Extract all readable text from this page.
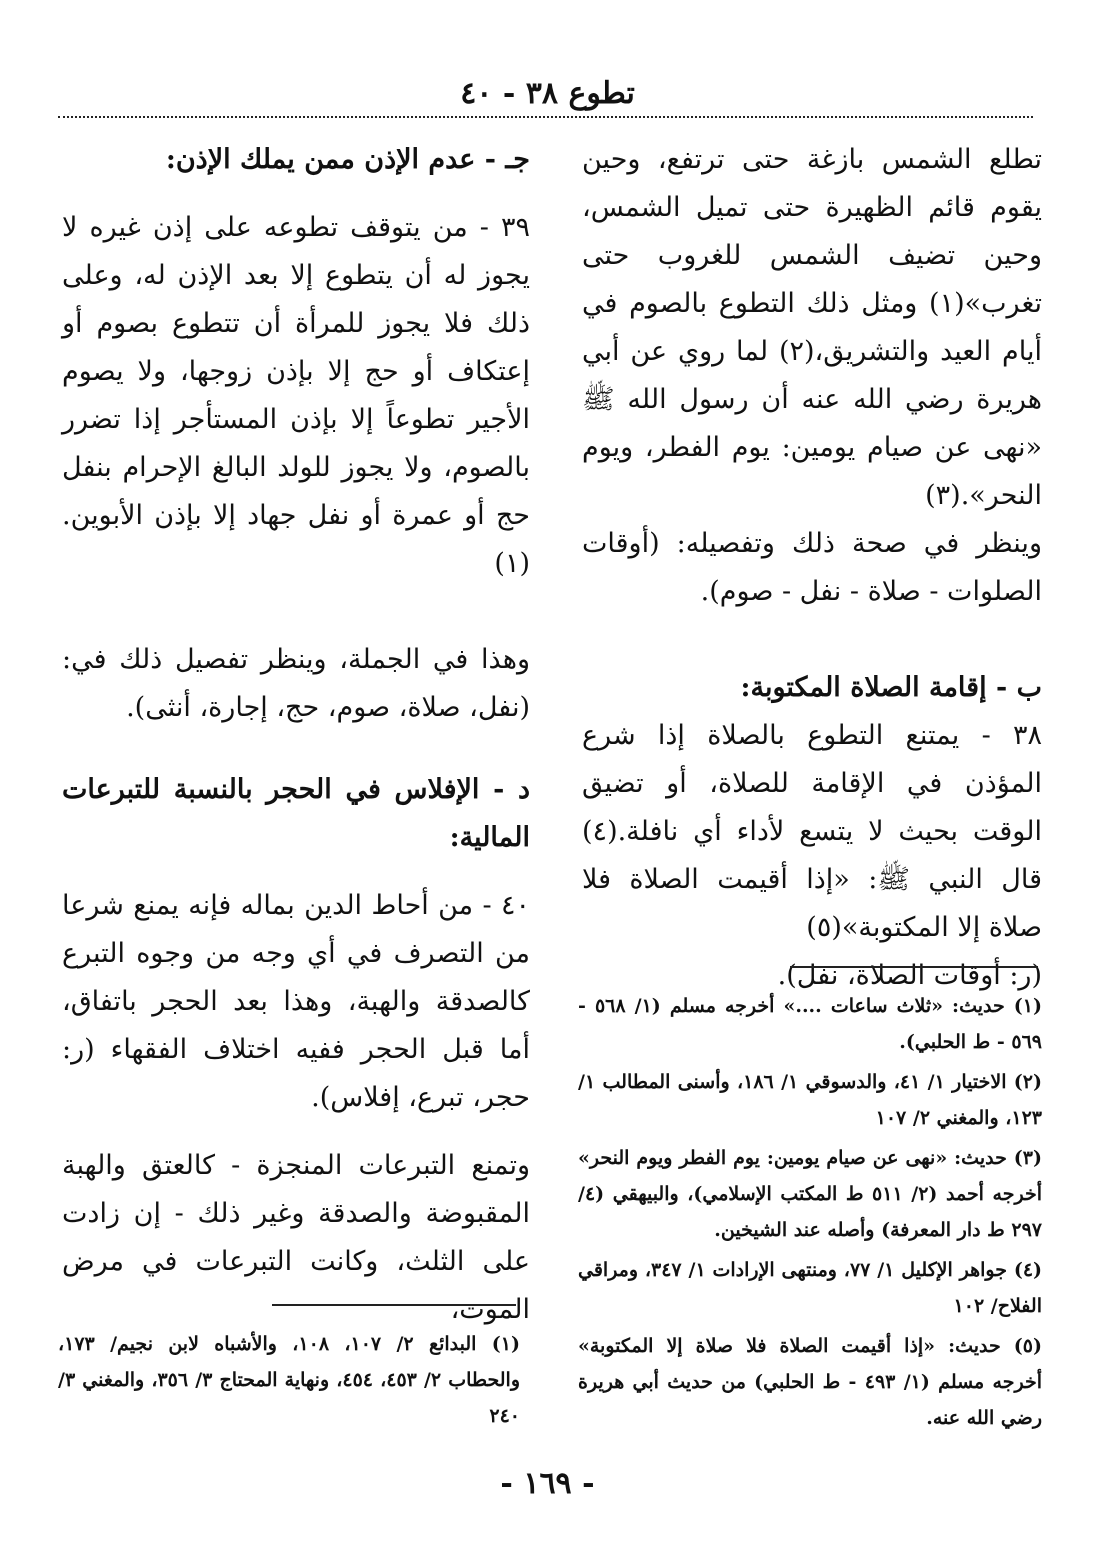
تطوع ٣٨ - ٤٠

تطلع الشمس بازغة حتى ترتفع، وحين يقوم قائم الظهيرة حتى تميل الشمس، وحين تضيف الشمس للغروب حتى تغرب»(١) ومثل ذلك التطوع بالصوم في أيام العيد والتشريق،(٢) لما روي عن أبي هريرة رضي الله عنه أن رسول الله ﷺ «نهى عن صيام يومين: يوم الفطر، ويوم النحر».(٣)

وينظر في صحة ذلك وتفصيله: (أوقات الصلوات - صلاة - نفل - صوم).

ب - إقامة الصلاة المكتوبة:

٣٨ - يمتنع التطوع بالصلاة إذا شرع المؤذن في الإقامة للصلاة، أو تضيق الوقت بحيث لا يتسع لأداء أي نافلة.(٤) قال النبي ﷺ: «إذا أقيمت الصلاة فلا صلاة إلا المكتوبة»(٥)

(ر: أوقات الصلاة، نفل).

جـ - عدم الإذن ممن يملك الإذن:

٣٩ - من يتوقف تطوعه على إذن غيره لا يجوز له أن يتطوع إلا بعد الإذن له، وعلى ذلك فلا يجوز للمرأة أن تتطوع بصوم أو إعتكاف أو حج إلا بإذن زوجها، ولا يصوم الأجير تطوعاً إلا بإذن المستأجر إذا تضرر بالصوم، ولا يجوز للولد البالغ الإحرام بنفل حج أو عمرة أو نفل جهاد إلا بإذن الأبوين.(١)

وهذا في الجملة، وينظر تفصيل ذلك في: (نفل، صلاة، صوم، حج، إجارة، أنثى).

د - الإفلاس في الحجر بالنسبة للتبرعات المالية:

٤٠ - من أحاط الدين بماله فإنه يمنع شرعا من التصرف في أي وجه من وجوه التبرع كالصدقة والهبة، وهذا بعد الحجر باتفاق، أما قبل الحجر ففيه اختلاف الفقهاء (ر: حجر، تبرع، إفلاس).

وتمنع التبرعات المنجزة - كالعتق والهبة المقبوضة والصدقة وغير ذلك - إن زادت على الثلث، وكانت التبرعات في مرض الموت،

(١) حديث: «ثلاث ساعات ....» أخرجه مسلم (١/ ٥٦٨ - ٥٦٩ - ط الحلبي).

(٢) الاختيار ١/ ٤١، والدسوقي ١/ ١٨٦، وأسنى المطالب ١/ ١٢٣، والمغني ٢/ ١٠٧

(٣) حديث: «نهى عن صيام يومين: يوم الفطر ويوم النحر» أخرجه أحمد (٢/ ٥١١ ط المكتب الإسلامي)، والبيهقي (٤/ ٢٩٧ ط دار المعرفة) وأصله عند الشيخين.

(٤) جواهر الإكليل ١/ ٧٧، ومنتهى الإرادات ١/ ٣٤٧، ومراقي الفلاح/ ١٠٢

(٥) حديث: «إذا أقيمت الصلاة فلا صلاة إلا المكتوبة» أخرجه مسلم (١/ ٤٩٣ - ط الحلبي) من حديث أبي هريرة رضي الله عنه.

(١) البدائع ٢/ ١٠٧، ١٠٨، والأشباه لابن نجيم/ ١٧٣، والحطاب ٢/ ٤٥٣، ٤٥٤، ونهاية المحتاج ٣/ ٣٥٦، والمغني ٣/ ٢٤٠

- ١٦٩ -
